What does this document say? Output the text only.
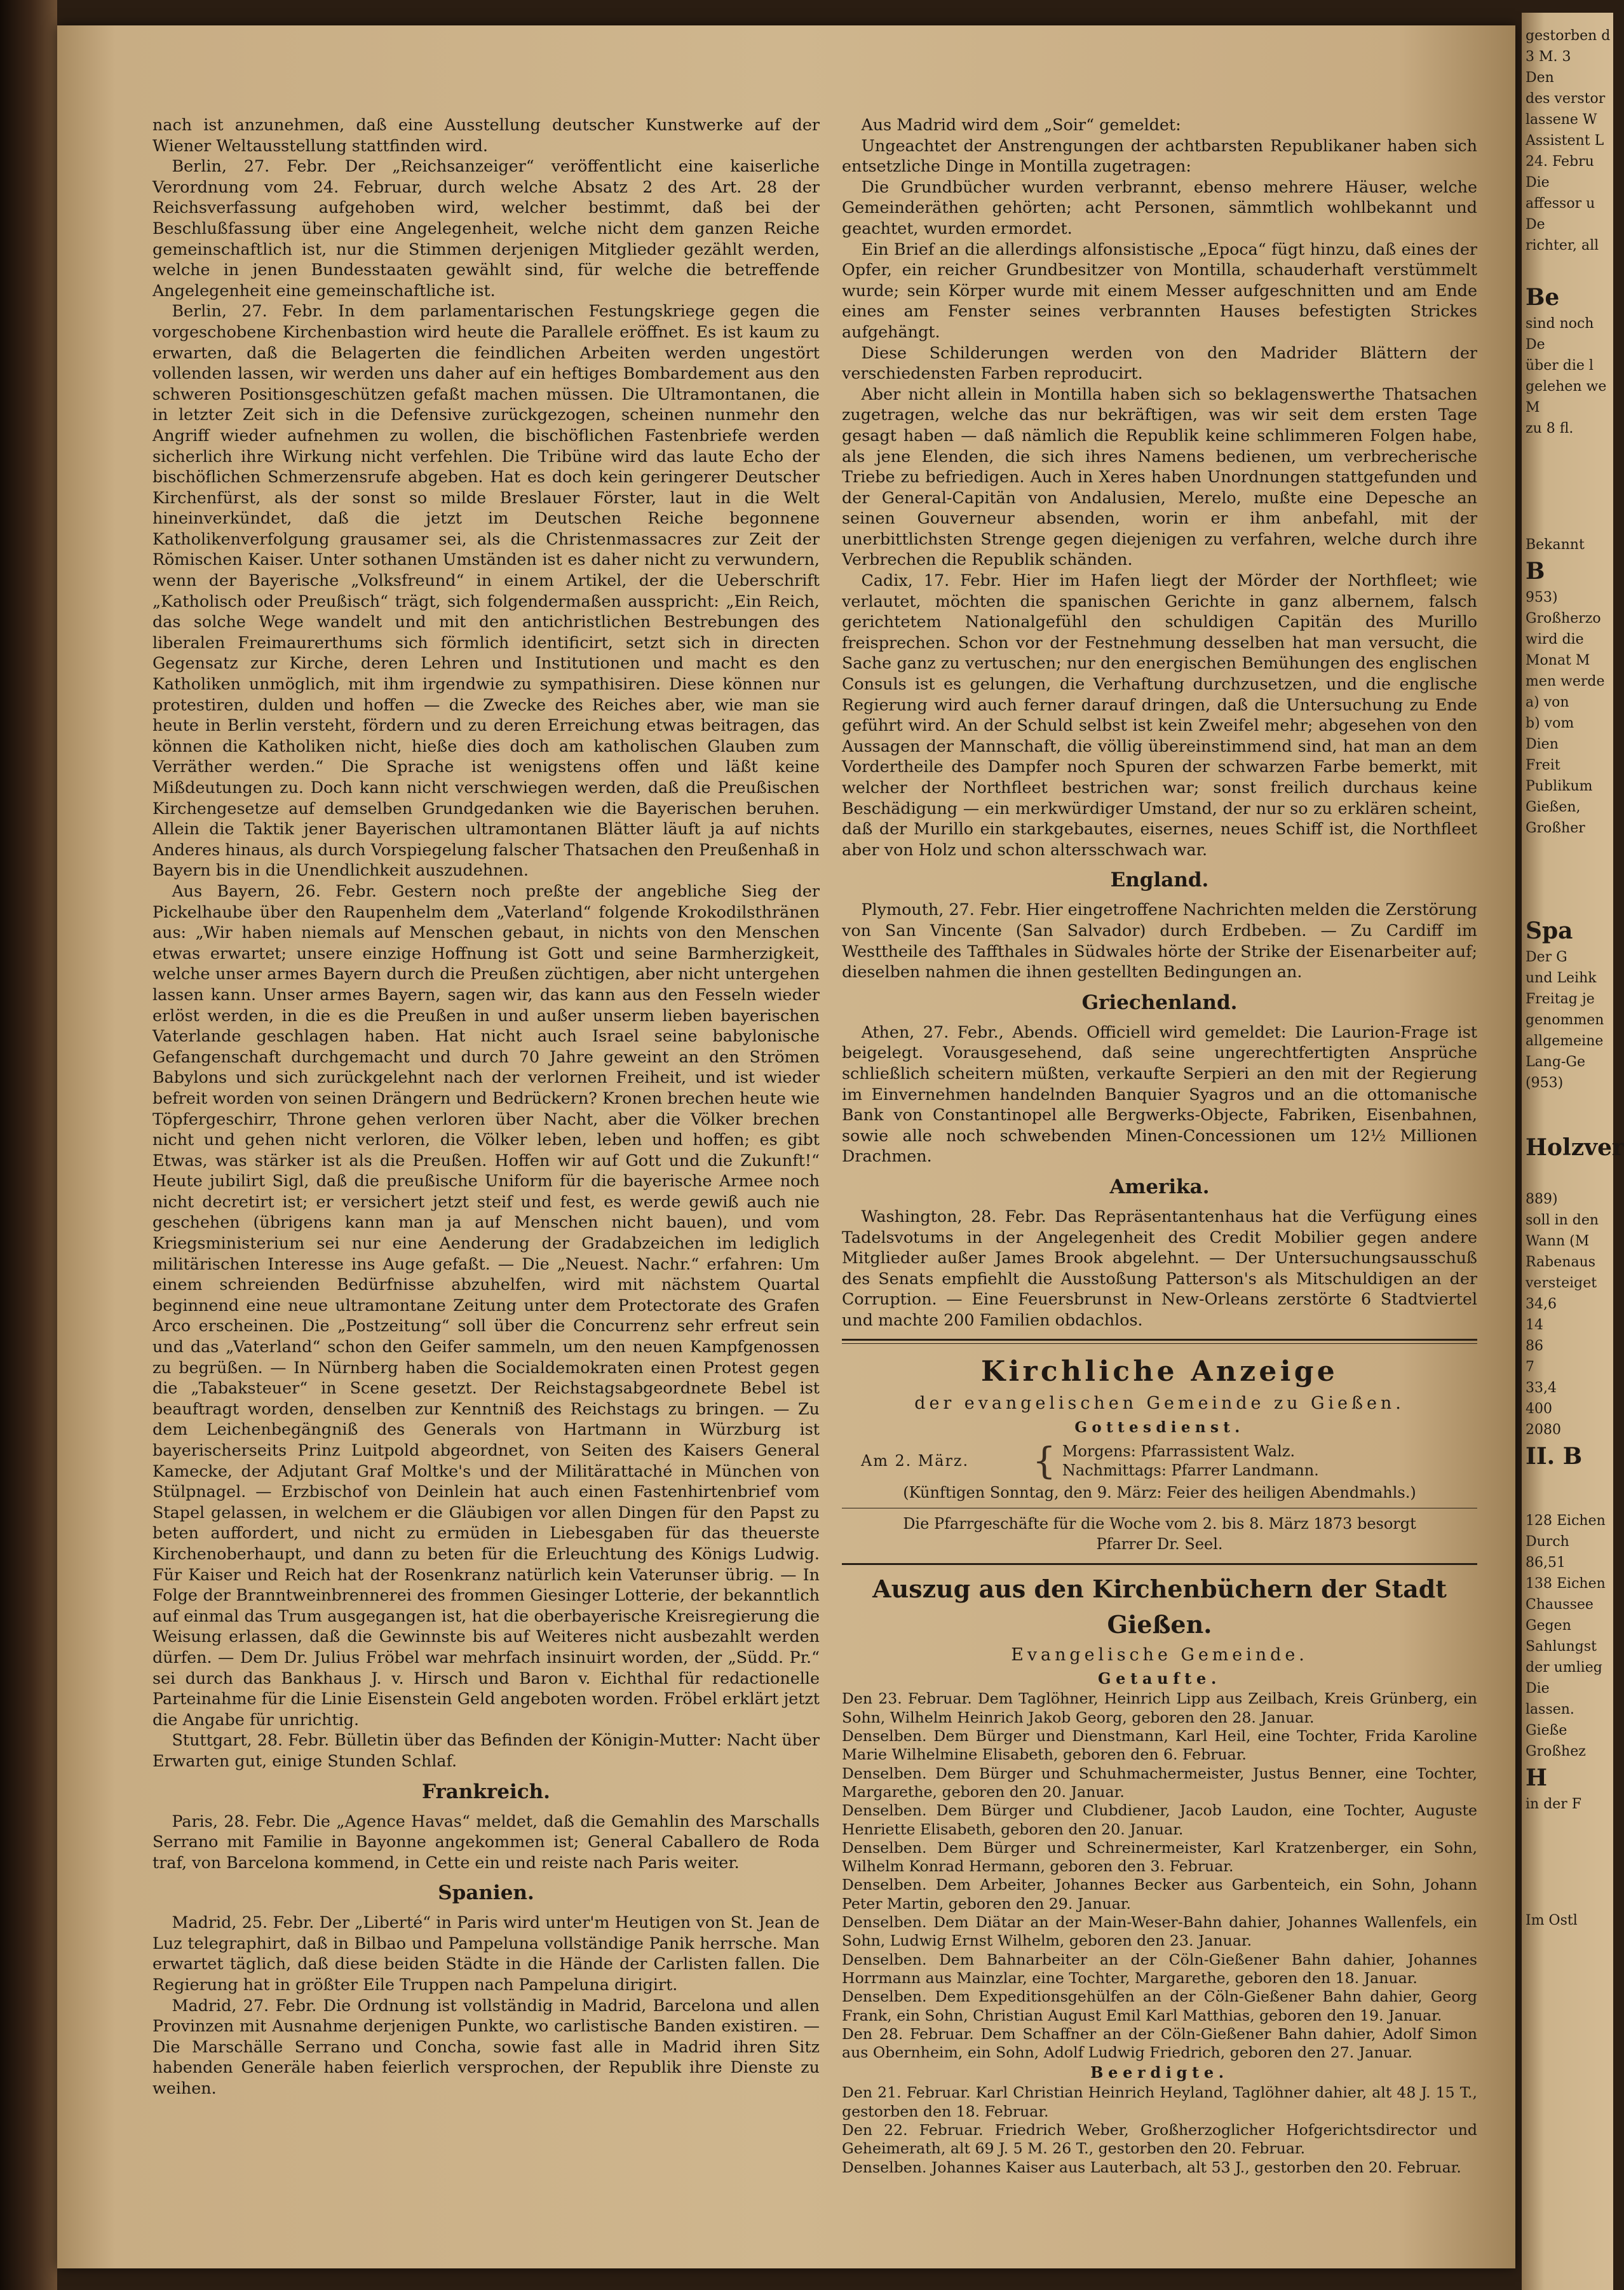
nach ist anzunehmen, daß eine Ausstellung deutscher Kunstwerke auf der Wiener Weltausstellung stattfinden wird.

Berlin, 27. Febr. Der „Reichsanzeiger“ veröffentlicht eine kaiserliche Verordnung vom 24. Februar, durch welche Absatz 2 des Art. 28 der Reichsverfassung aufgehoben wird, welcher bestimmt, daß bei der Beschlußfassung über eine Angelegenheit, welche nicht dem ganzen Reiche gemeinschaftlich ist, nur die Stimmen derjenigen Mitglieder gezählt werden, welche in jenen Bundesstaaten gewählt sind, für welche die betreffende Angelegenheit eine gemeinschaftliche ist.

Berlin, 27. Febr. In dem parlamentarischen Festungskriege gegen die vorgeschobene Kirchenbastion wird heute die Parallele eröffnet. Es ist kaum zu erwarten, daß die Belagerten die feindlichen Arbeiten werden ungestört vollenden lassen, wir werden uns daher auf ein heftiges Bombardement aus den schweren Positionsgeschützen gefaßt machen müssen. Die Ultramontanen, die in letzter Zeit sich in die Defensive zurückgezogen, scheinen nunmehr den Angriff wieder aufnehmen zu wollen, die bischöflichen Fastenbriefe werden sicherlich ihre Wirkung nicht verfehlen. Die Tribüne wird das laute Echo der bischöflichen Schmerzensrufe abgeben. Hat es doch kein geringerer Deutscher Kirchenfürst, als der sonst so milde Breslauer Förster, laut in die Welt hineinverkündet, daß die jetzt im Deutschen Reiche begonnene Katholikenverfolgung grausamer sei, als die Christenmassacres zur Zeit der Römischen Kaiser. Unter sothanen Umständen ist es daher nicht zu verwundern, wenn der Bayerische „Volksfreund“ in einem Artikel, der die Ueberschrift „Katholisch oder Preußisch“ trägt, sich folgendermaßen ausspricht: „Ein Reich, das solche Wege wandelt und mit den antichristlichen Bestrebungen des liberalen Freimaurerthums sich förmlich identificirt, setzt sich in directen Gegensatz zur Kirche, deren Lehren und Institutionen und macht es den Katholiken unmöglich, mit ihm irgendwie zu sympathisiren. Diese können nur protestiren, dulden und hoffen — die Zwecke des Reiches aber, wie man sie heute in Berlin versteht, fördern und zu deren Erreichung etwas beitragen, das können die Katholiken nicht, hieße dies doch am katholischen Glauben zum Verräther werden.“ Die Sprache ist wenigstens offen und läßt keine Mißdeutungen zu. Doch kann nicht verschwiegen werden, daß die Preußischen Kirchengesetze auf demselben Grundgedanken wie die Bayerischen beruhen. Allein die Taktik jener Bayerischen ultramontanen Blätter läuft ja auf nichts Anderes hinaus, als durch Vorspiegelung falscher Thatsachen den Preußenhaß in Bayern bis in die Unendlichkeit auszudehnen.

Aus Bayern, 26. Febr. Gestern noch preßte der angebliche Sieg der Pickelhaube über den Raupenhelm dem „Vaterland“ folgende Krokodilsthränen aus: „Wir haben niemals auf Menschen gebaut, in nichts von den Menschen etwas erwartet; unsere einzige Hoffnung ist Gott und seine Barmherzigkeit, welche unser armes Bayern durch die Preußen züchtigen, aber nicht untergehen lassen kann. Unser armes Bayern, sagen wir, das kann aus den Fesseln wieder erlöst werden, in die es die Preußen in und außer unserm lieben bayerischen Vaterlande geschlagen haben. Hat nicht auch Israel seine babylonische Gefangenschaft durchgemacht und durch 70 Jahre geweint an den Strömen Babylons und sich zurückgelehnt nach der verlornen Freiheit, und ist wieder befreit worden von seinen Drängern und Bedrückern? Kronen brechen heute wie Töpfergeschirr, Throne gehen verloren über Nacht, aber die Völker brechen nicht und gehen nicht verloren, die Völker leben, leben und hoffen; es gibt Etwas, was stärker ist als die Preußen. Hoffen wir auf Gott und die Zukunft!“ Heute jubilirt Sigl, daß die preußische Uniform für die bayerische Armee noch nicht decretirt ist; er versichert jetzt steif und fest, es werde gewiß auch nie geschehen (übrigens kann man ja auf Menschen nicht bauen), und vom Kriegsministerium sei nur eine Aenderung der Gradabzeichen im lediglich militärischen Interesse ins Auge gefaßt. — Die „Neuest. Nachr.“ erfahren: Um einem schreienden Bedürfnisse abzuhelfen, wird mit nächstem Quartal beginnend eine neue ultramontane Zeitung unter dem Protectorate des Grafen Arco erscheinen. Die „Postzeitung“ soll über die Concurrenz sehr erfreut sein und das „Vaterland“ schon den Geifer sammeln, um den neuen Kampfgenossen zu begrüßen. — In Nürnberg haben die Socialdemokraten einen Protest gegen die „Tabaksteuer“ in Scene gesetzt. Der Reichstagsabgeordnete Bebel ist beauftragt worden, denselben zur Kenntniß des Reichstags zu bringen. — Zu dem Leichenbegängniß des Generals von Hartmann in Würzburg ist bayerischerseits Prinz Luitpold abgeordnet, von Seiten des Kaisers General Kamecke, der Adjutant Graf Moltke's und der Militärattaché in München von Stülpnagel. — Erzbischof von Deinlein hat auch einen Fastenhirtenbrief vom Stapel gelassen, in welchem er die Gläubigen vor allen Dingen für den Papst zu beten auffordert, und nicht zu ermüden in Liebesgaben für das theuerste Kirchenoberhaupt, und dann zu beten für die Erleuchtung des Königs Ludwig. Für Kaiser und Reich hat der Rosenkranz natürlich kein Vaterunser übrig. — In Folge der Branntweinbrennerei des frommen Giesinger Lotterie, der bekanntlich auf einmal das Trum ausgegangen ist, hat die oberbayerische Kreisregierung die Weisung erlassen, daß die Gewinnste bis auf Weiteres nicht ausbezahlt werden dürfen. — Dem Dr. Julius Fröbel war mehrfach insinuirt worden, der „Südd. Pr.“ sei durch das Bankhaus J. v. Hirsch und Baron v. Eichthal für redactionelle Parteinahme für die Linie Eisenstein Geld angeboten worden. Fröbel erklärt jetzt die Angabe für unrichtig.

Stuttgart, 28. Febr. Bülletin über das Befinden der Königin-Mutter: Nacht über Erwarten gut, einige Stunden Schlaf.

Frankreich.

Paris, 28. Febr. Die „Agence Havas“ meldet, daß die Gemahlin des Marschalls Serrano mit Familie in Bayonne angekommen ist; General Caballero de Roda traf, von Barcelona kommend, in Cette ein und reiste nach Paris weiter.

Spanien.

Madrid, 25. Febr. Der „Liberté“ in Paris wird unter'm Heutigen von St. Jean de Luz telegraphirt, daß in Bilbao und Pampeluna vollständige Panik herrsche. Man erwartet täglich, daß diese beiden Städte in die Hände der Carlisten fallen. Die Regierung hat in größter Eile Truppen nach Pampeluna dirigirt.

Madrid, 27. Febr. Die Ordnung ist vollständig in Madrid, Barcelona und allen Provinzen mit Ausnahme derjenigen Punkte, wo carlistische Banden existiren. — Die Marschälle Serrano und Concha, sowie fast alle in Madrid ihren Sitz habenden Generäle haben feierlich versprochen, der Republik ihre Dienste zu weihen.

Aus Madrid wird dem „Soir“ gemeldet:

Ungeachtet der Anstrengungen der achtbarsten Republikaner haben sich entsetzliche Dinge in Montilla zugetragen:

Die Grundbücher wurden verbrannt, ebenso mehrere Häuser, welche Gemeinderäthen gehörten; acht Personen, sämmtlich wohlbekannt und geachtet, wurden ermordet.

Ein Brief an die allerdings alfonsistische „Epoca“ fügt hinzu, daß eines der Opfer, ein reicher Grundbesitzer von Montilla, schauderhaft verstümmelt wurde; sein Körper wurde mit einem Messer aufgeschnitten und am Ende eines am Fenster seines verbrannten Hauses befestigten Strickes aufgehängt.

Diese Schilderungen werden von den Madrider Blättern der verschiedensten Farben reproducirt.

Aber nicht allein in Montilla haben sich so beklagenswerthe Thatsachen zugetragen, welche das nur bekräftigen, was wir seit dem ersten Tage gesagt haben — daß nämlich die Republik keine schlimmeren Folgen habe, als jene Elenden, die sich ihres Namens bedienen, um verbrecherische Triebe zu befriedigen. Auch in Xeres haben Unordnungen stattgefunden und der General-Capitän von Andalusien, Merelo, mußte eine Depesche an seinen Gouverneur absenden, worin er ihm anbefahl, mit der unerbittlichsten Strenge gegen diejenigen zu verfahren, welche durch ihre Verbrechen die Republik schänden.

Cadix, 17. Febr. Hier im Hafen liegt der Mörder der Northfleet; wie verlautet, möchten die spanischen Gerichte in ganz albernem, falsch gerichtetem Nationalgefühl den schuldigen Capitän des Murillo freisprechen. Schon vor der Festnehmung desselben hat man versucht, die Sache ganz zu vertuschen; nur den energischen Bemühungen des englischen Consuls ist es gelungen, die Verhaftung durchzusetzen, und die englische Regierung wird auch ferner darauf dringen, daß die Untersuchung zu Ende geführt wird. An der Schuld selbst ist kein Zweifel mehr; abgesehen von den Aussagen der Mannschaft, die völlig übereinstimmend sind, hat man an dem Vordertheile des Dampfer noch Spuren der schwarzen Farbe bemerkt, mit welcher der Northfleet bestrichen war; sonst freilich durchaus keine Beschädigung — ein merkwürdiger Umstand, der nur so zu erklären scheint, daß der Murillo ein starkgebautes, eisernes, neues Schiff ist, die Northfleet aber von Holz und schon altersschwach war.

England.

Plymouth, 27. Febr. Hier eingetroffene Nachrichten melden die Zerstörung von San Vincente (San Salvador) durch Erdbeben. — Zu Cardiff im Westtheile des Taffthales in Südwales hörte der Strike der Eisenarbeiter auf; dieselben nahmen die ihnen gestellten Bedingungen an.

Griechenland.

Athen, 27. Febr., Abends. Officiell wird gemeldet: Die Laurion-Frage ist beigelegt. Vorausgesehend, daß seine ungerechtfertigten Ansprüche schließlich scheitern müßten, verkaufte Serpieri an den mit der Regierung im Einvernehmen handelnden Banquier Syagros und an die ottomanische Bank von Constantinopel alle Bergwerks-Objecte, Fabriken, Eisenbahnen, sowie alle noch schwebenden Minen-Concessionen um 12½ Millionen Drachmen.

Amerika.

Washington, 28. Febr. Das Repräsentantenhaus hat die Verfügung eines Tadelsvotums in der Angelegenheit des Credit Mobilier gegen andere Mitglieder außer James Brook abgelehnt. — Der Untersuchungsausschuß des Senats empfiehlt die Ausstoßung Patterson's als Mitschuldigen an der Corruption. — Eine Feuersbrunst in New-Orleans zerstörte 6 Stadtviertel und machte 200 Familien obdachlos.

Kirchliche Anzeige
der evangelischen Gemeinde zu Gießen.
Gottesdienst.
Am 2. März.	{ Morgens: Pfarrassistent Walz.
Nachmittags: Pfarrer Landmann.
(Künftigen Sonntag, den 9. März: Feier des heiligen Abendmahls.)
Die Pfarrgeschäfte für die Woche vom 2. bis 8. März 1873 besorgt
Pfarrer Dr. Seel.
Auszug aus den Kirchenbüchern der Stadt Gießen.
Evangelische Gemeinde.
Getaufte.

Den 23. Februar. Dem Taglöhner, Heinrich Lipp aus Zeilbach, Kreis Grünberg, ein Sohn, Wilhelm Heinrich Jakob Georg, geboren den 28. Januar.

Denselben. Dem Bürger und Dienstmann, Karl Heil, eine Tochter, Frida Karoline Marie Wilhelmine Elisabeth, geboren den 6. Februar.

Denselben. Dem Bürger und Schuhmachermeister, Justus Benner, eine Tochter, Margarethe, geboren den 20. Januar.

Denselben. Dem Bürger und Clubdiener, Jacob Laudon, eine Tochter, Auguste Henriette Elisabeth, geboren den 20. Januar.

Denselben. Dem Bürger und Schreinermeister, Karl Kratzenberger, ein Sohn, Wilhelm Konrad Hermann, geboren den 3. Februar.

Denselben. Dem Arbeiter, Johannes Becker aus Garbenteich, ein Sohn, Johann Peter Martin, geboren den 29. Januar.

Denselben. Dem Diätar an der Main-Weser-Bahn dahier, Johannes Wallenfels, ein Sohn, Ludwig Ernst Wilhelm, geboren den 23. Januar.

Denselben. Dem Bahnarbeiter an der Cöln-Gießener Bahn dahier, Johannes Horrmann aus Mainzlar, eine Tochter, Margarethe, geboren den 18. Januar.

Denselben. Dem Expeditionsgehülfen an der Cöln-Gießener Bahn dahier, Georg Frank, ein Sohn, Christian August Emil Karl Matthias, geboren den 19. Januar.

Den 28. Februar. Dem Schaffner an der Cöln-Gießener Bahn dahier, Adolf Simon aus Obernheim, ein Sohn, Adolf Ludwig Friedrich, geboren den 27. Januar.

Beerdigte.

Den 21. Februar. Karl Christian Heinrich Heyland, Taglöhner dahier, alt 48 J. 15 T., gestorben den 18. Februar.

Den 22. Februar. Friedrich Weber, Großherzoglicher Hofgerichtsdirector und Geheimerath, alt 69 J. 5 M. 26 T., gestorben den 20. Februar.

Denselben. Johannes Kaiser aus Lauterbach, alt 53 J., gestorben den 20. Februar.

gestorben d
3 M. 3
Den
des verstor
lassene W
Assistent L
24. Febru
Die
affessor u
De
richter, all
Be
sind noch
De
über die l
gelehen we
M
zu 8 fl.
Bekannt
B
953)
Großherzo
wird die
Monat M
men werde
a) von
b) vom
Dien
Freit
Publikum
Gießen,
Großher
Spa
Der G
und Leihk
Freitag je
genommen
allgemeine
Lang-Ge
(953)
Holzver
889)
soll in den
Wann (M
Rabenaus
versteiget
34,6
14
86
7
33,4
400
2080
II. B
128 Eichen
Durch
86,51
138 Eichen
Chaussee
Gegen
Sahlungst
der umlieg
Die
lassen.
Gieße
Großhez
H
in der F
Im Ostl
